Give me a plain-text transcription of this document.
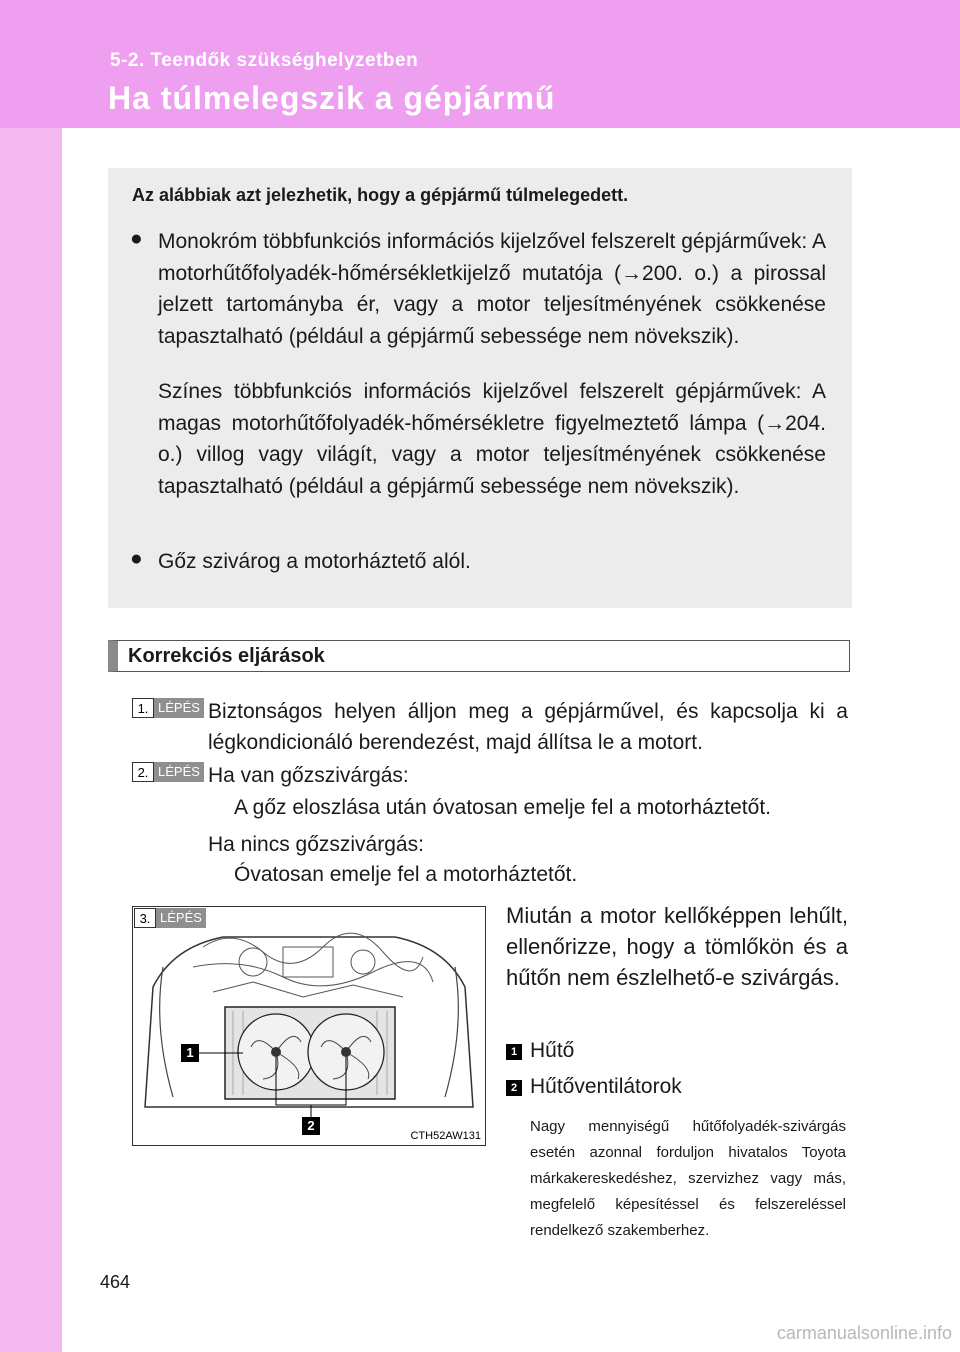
5-2. Teendők szükséghelyzetben
Ha túlmelegszik a gépjármű
Az alábbiak azt jelezhetik, hogy a gépjármű túlmelegedett.
● Monokróm többfunkciós információs kijelzővel felszerelt gépjárművek: A motorhűtőfolyadék-hőmérsékletkijelző mutatója (→200. o.) a pirossal jelzett tartományba ér, vagy a motor teljesítményének csökkenése tapasztalható (például a gépjármű sebessége nem növekszik).
Színes többfunkciós információs kijelzővel felszerelt gépjárművek: A magas motorhűtőfolyadék-hőmérsékletre figyelmeztető lámpa (→204. o.) villog vagy világít, vagy a motor teljesítményének csökkenése tapasztalható (például a gépjármű sebessége nem növekszik).
● Gőz szivárog a motorháztető alól.
Korrekciós eljárások
1. LÉPÉS Biztonságos helyen álljon meg a gépjárművel, és kapcsolja ki a légkondicionáló berendezést, majd állítsa le a motort.
2. LÉPÉS Ha van gőzszivárgás:
A gőz eloszlása után óvatosan emelje fel a motorháztetőt.
Ha nincs gőzszivárgás:
Óvatosan emelje fel a motorháztetőt.
1
2
CTH52AW131
3. LÉPÉS	Miután a motor kellőképpen lehűlt, ellenőrizze, hogy a tömlőkön és a hűtőn nem észlelhető-e szivárgás.
1 Hűtő
2 Hűtőventilátorok
Nagy mennyiségű hűtőfolyadék-szivárgás esetén azonnal forduljon hivatalos Toyota márkakereskedéshez, szervizhez vagy más, megfelelő képesítéssel és felszereléssel rendelkező szakemberhez.
464
carmanualsonline.info
